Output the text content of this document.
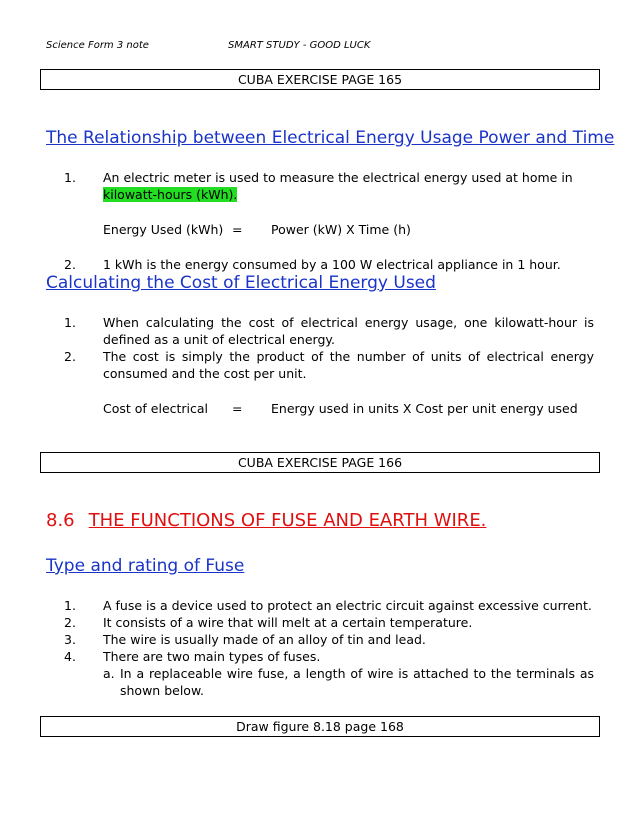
Science Form 3 note	SMART STUDY - GOOD LUCK
CUBA EXERCISE PAGE 165
The Relationship between Electrical Energy Usage Power and Time
1. An electric meter is used to measure the electrical energy used at home in
kilowatt-hours (kWh).
Energy Used (kWh) = Power (kW) X Time (h)
2. 1 kWh is the energy consumed by a 100 W electrical appliance in 1 hour.
Calculating the Cost of Electrical Energy Used
1. When calculating the cost of electrical energy usage, one kilowatt-hour is defined as a unit of electrical energy.
2. The cost is simply the product of the number of units of electrical energy consumed and the cost per unit.
Cost of electrical = Energy used in units X Cost per unit energy used
CUBA EXERCISE PAGE 166
8.6 THE FUNCTIONS OF FUSE AND EARTH WIRE.
Type and rating of Fuse
1. A fuse is a device used to protect an electric circuit against excessive current.
2. It consists of a wire that will melt at a certain temperature.
3. The wire is usually made of an alloy of tin and lead.
4. There are two main types of fuses.
a. In a replaceable wire fuse, a length of wire is attached to the terminals as shown below.
Draw figure 8.18 page 168
